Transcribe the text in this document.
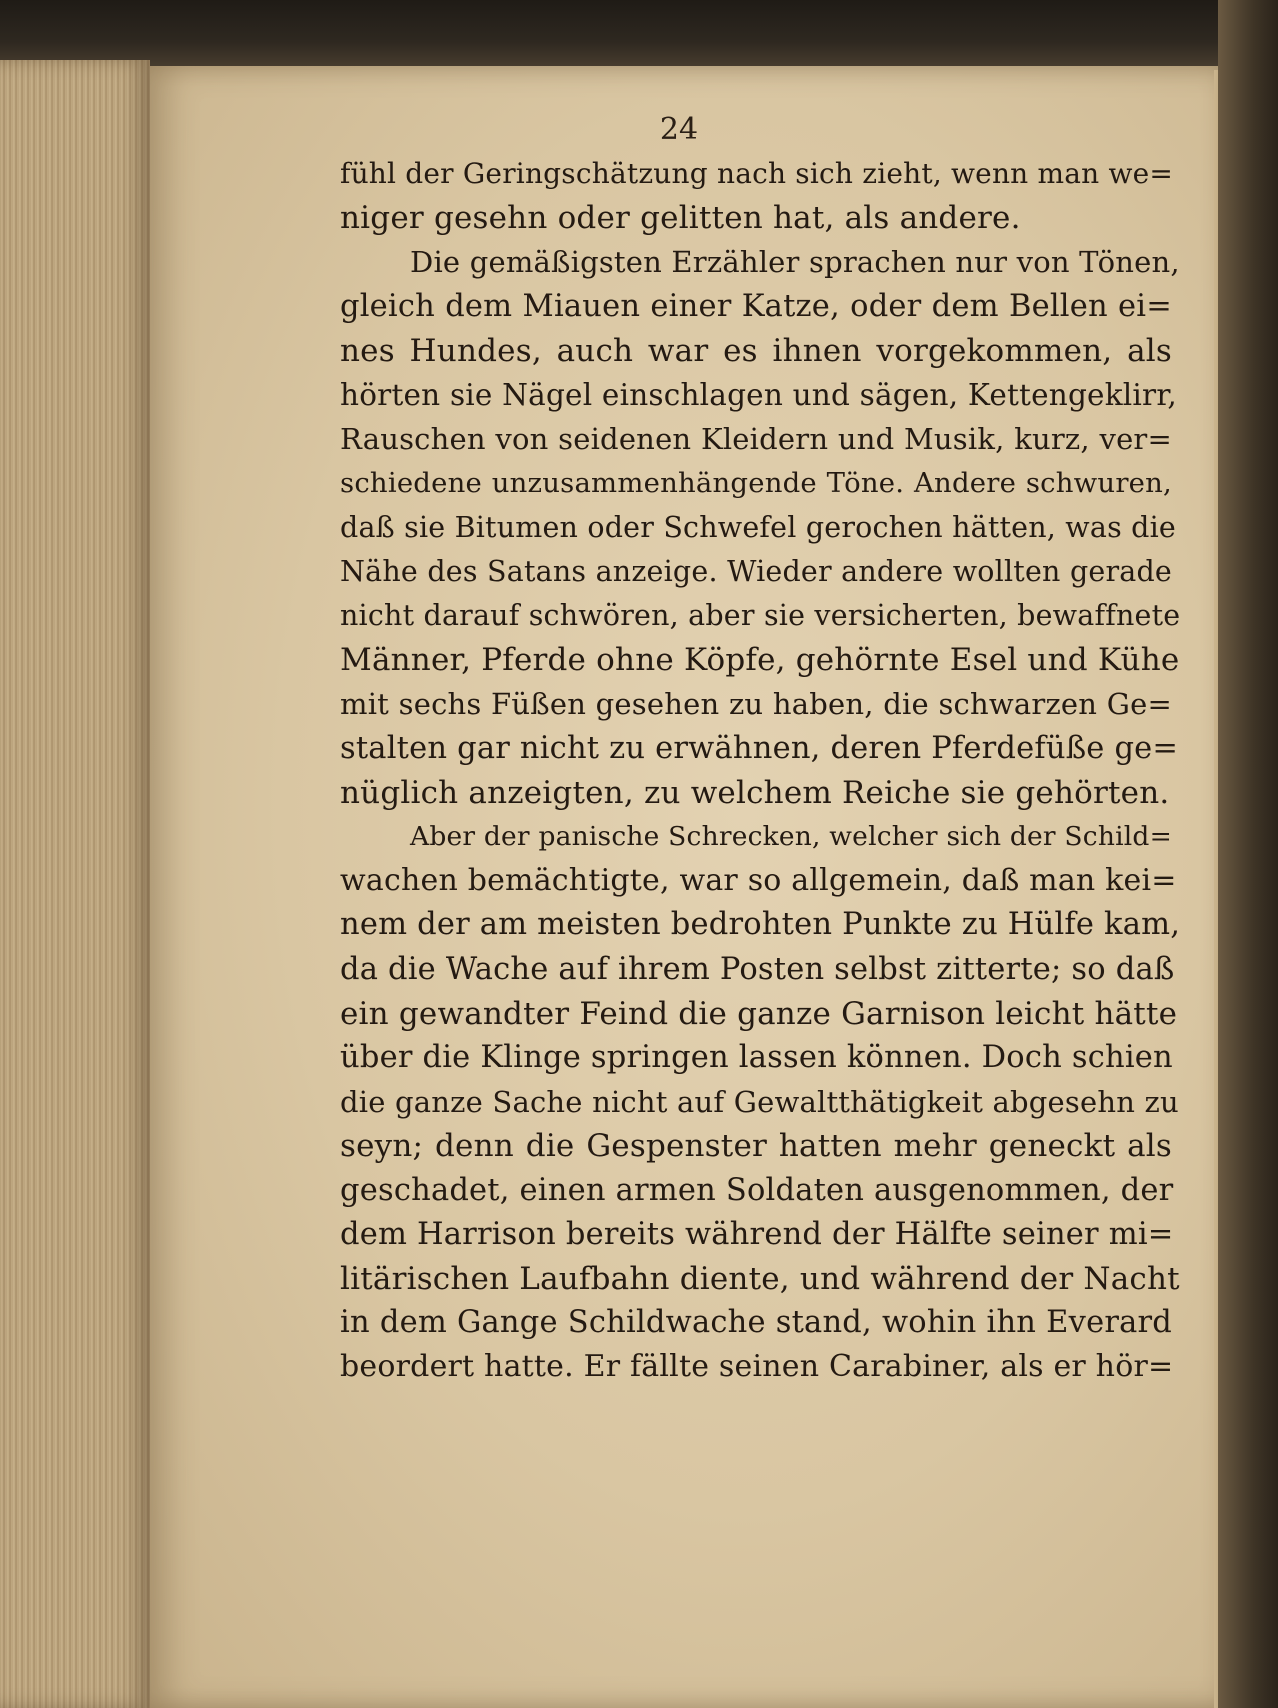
24
fühl der Geringschätzung nach sich zieht, wenn man we=
niger gesehn oder gelitten hat, als andere.
Die gemäßigsten Erzähler sprachen nur von Tönen,
gleich dem Miauen einer Katze, oder dem Bellen ei=
nes Hundes, auch war es ihnen vorgekommen, als
hörten sie Nägel einschlagen und sägen, Kettengeklirr,
Rauschen von seidenen Kleidern und Musik, kurz, ver=
schiedene unzusammenhängende Töne. Andere schwuren,
daß sie Bitumen oder Schwefel gerochen hätten, was die
Nähe des Satans anzeige. Wieder andere wollten gerade
nicht darauf schwören, aber sie versicherten, bewaffnete
Männer, Pferde ohne Köpfe, gehörnte Esel und Kühe
mit sechs Füßen gesehen zu haben, die schwarzen Ge=
stalten gar nicht zu erwähnen, deren Pferdefüße ge=
nüglich anzeigten, zu welchem Reiche sie gehörten.
Aber der panische Schrecken, welcher sich der Schild=
wachen bemächtigte, war so allgemein, daß man kei=
nem der am meisten bedrohten Punkte zu Hülfe kam,
da die Wache auf ihrem Posten selbst zitterte; so daß
ein gewandter Feind die ganze Garnison leicht hätte
über die Klinge springen lassen können. Doch schien
die ganze Sache nicht auf Gewaltthätigkeit abgesehn zu
seyn; denn die Gespenster hatten mehr geneckt als
geschadet, einen armen Soldaten ausgenommen, der
dem Harrison bereits während der Hälfte seiner mi=
litärischen Laufbahn diente, und während der Nacht
in dem Gange Schildwache stand, wohin ihn Everard
beordert hatte. Er fällte seinen Carabiner, als er hör=
